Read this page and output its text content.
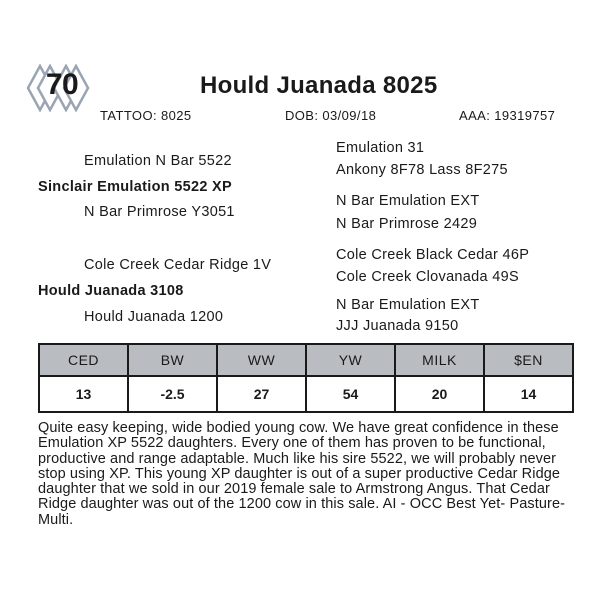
70	Hould Juanada 8025
TATTOO: 8025	DOB: 03/09/18	AAA: 19319757
Emulation N Bar 5522
Sinclair Emulation 5522 XP
N Bar Primrose Y3051
Cole Creek Cedar Ridge 1V
Hould Juanada 3108
Hould Juanada 1200
Emulation 31
Ankony 8F78 Lass 8F275
N Bar Emulation EXT
N Bar Primrose 2429
Cole Creek Black Cedar 46P
Cole Creek Clovanada 49S
N Bar Emulation EXT
JJJ Juanada 9150
CED	BW	WW	YW	MILK	$EN
13	-2.5	27	54	20	14
Quite easy keeping, wide bodied young cow. We have great confidence in these Emulation XP 5522 daughters. Every one of them has proven to be functional, productive and range adaptable. Much like his sire 5522, we will probably never stop using XP. This young XP daughter is out of a super productive Cedar Ridge daughter that we sold in our 2019 female sale to Armstrong Angus. That Cedar Ridge daughter was out of the 1200 cow in this sale. AI - OCC Best Yet- Pasture- Multi.
